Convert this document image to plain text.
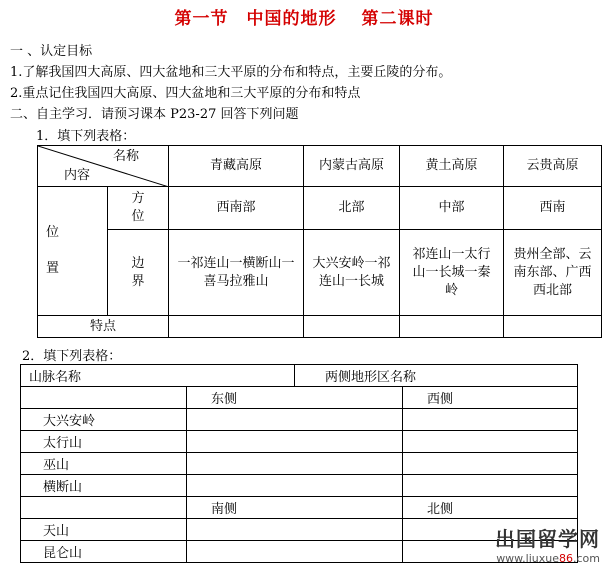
第一节　中国的地形　 第二课时
一 、认定目标
1.了解我国四大高原、四大盆地和三大平原的分布和特点，主要丘陵的分布。
2.重点记住我国四大高原、四大盆地和三大平原的分布和特点
二、自主学习．请预习课本 P23-27 回答下列问题
1．填下列表格：
名称
内容		青藏高原	内蒙古高原	黄土高原	云贵高原

位
置	方位	西南部	北部	中部	西南
	边界	一祁连山一横断山一喜马拉雅山	大兴安岭一祁连山一长城	祁连山一太行山一长城一秦岭	贵州全部、云南东部、广西西北部
特点					
2．填下列表格：
山脉名称		两侧地形区名称	
	东侧		西侧
大兴安岭			
太行山			
巫山			
横断山			
	南侧		北侧
天山			
昆仑山			
出国留学网
www.liuxue86.com
